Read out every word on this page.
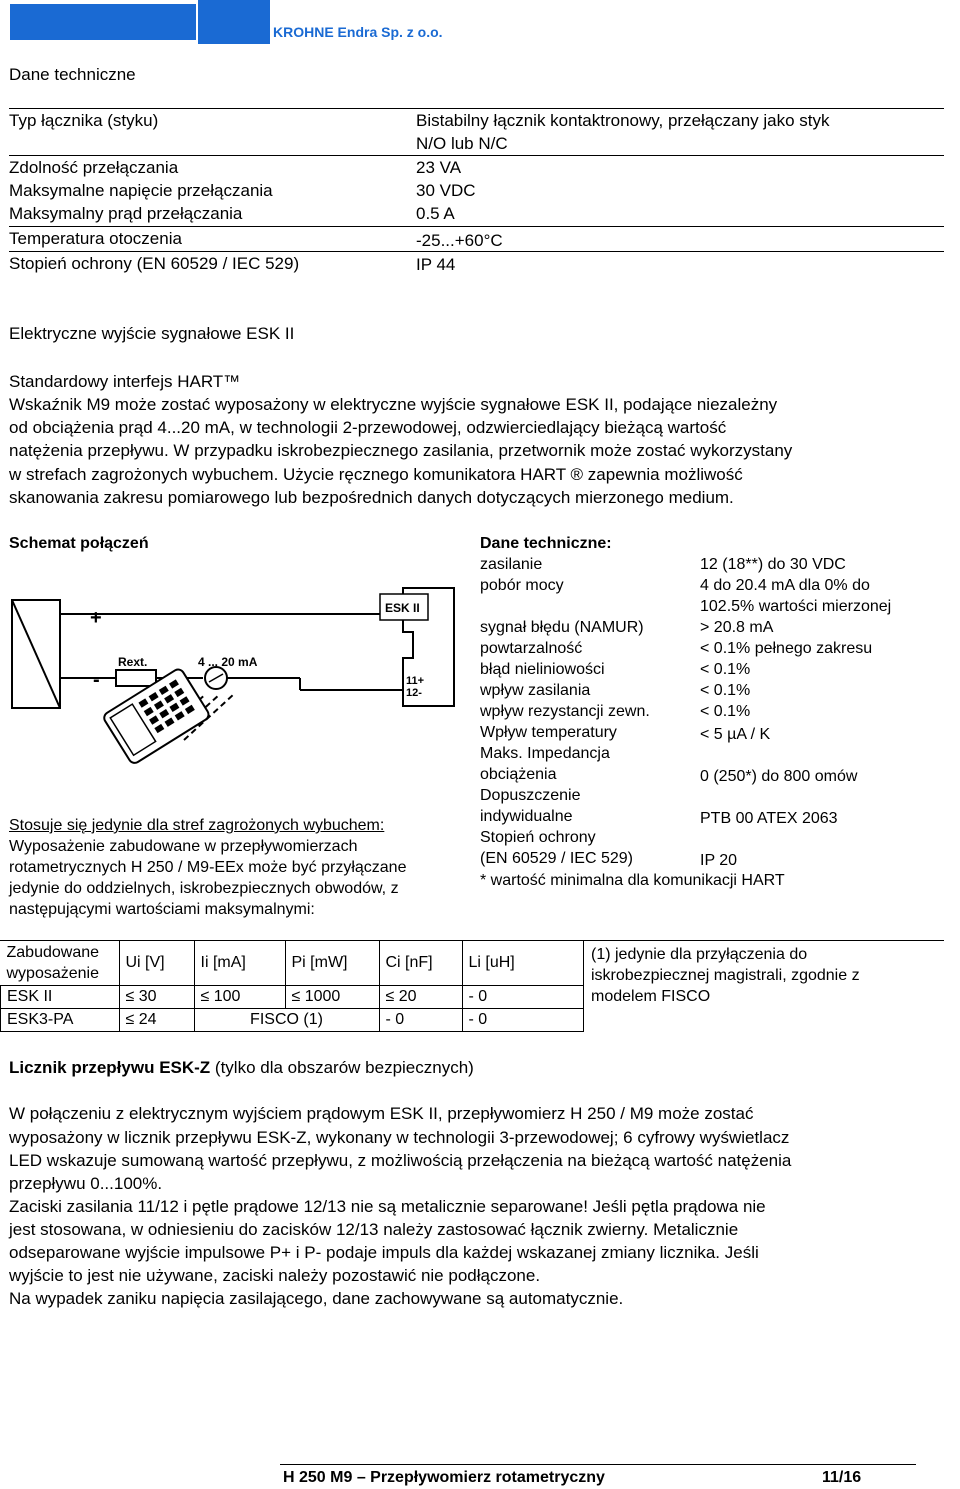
KROHNE Endra Sp. z o.o.
Dane techniczne
Typ łącznika (styku)	Bistabilny łącznik kontaktronowy, przełączany jako styk
N/O lub N/C
Zdolność przełączania	23 VA
Maksymalne napięcie przełączania	30 VDC
Maksymalny prąd przełączania	0.5 A
Temperatura otoczenia	-25...+60°C
Stopień ochrony (EN 60529 / IEC 529)	IP 44
Elektryczne wyjście sygnałowe ESK II
Standardowy interfejs HART™
Wskaźnik M9 może zostać wyposażony w elektryczne wyjście sygnałowe ESK II, podające niezależny
od obciążenia prąd 4...20 mA, w technologii 2-przewodowej, odzwierciedlający bieżącą wartość
natężenia przepływu. W przypadku iskrobezpiecznego zasilania, przetwornik może zostać wykorzystany
w strefach zagrożonych wybuchem. Użycie ręcznego komunikatora HART ® zapewnia możliwość
skanowania zakresu pomiarowego lub bezpośrednich danych dotyczących mierzonego medium.
Schemat połączeń
+
-
Rext.	4 ... 20 mA
ESK II
11+
12-
Stosuje się jedynie dla stref zagrożonych wybuchem:
Wyposażenie zabudowane w przepływomierzach
rotametrycznych H 250 / M9-EEx może być przyłączane
jedynie do oddzielnych, iskrobezpiecznych obwodów, z
następującymi wartościami maksymalnymi:
Dane techniczne:
zasilanie	12 (18**) do 30 VDC
pobór mocy	4 do 20.4 mA dla 0% do
102.5% wartości mierzonej
sygnał błędu (NAMUR)	> 20.8 mA
powtarzalność	< 0.1% pełnego zakresu
błąd nieliniowości	< 0.1%
wpływ zasilania	< 0.1%
wpływ rezystancji zewn.	< 0.1%
Wpływ temperatury	< 5 µA / K
Maks. Impedancja
obciążenia	0 (250*) do 800 omów
Dopuszczenie
indywidualne	PTB 00 ATEX 2063
Stopień ochrony
(EN 60529 / IEC 529)	IP 20
* wartość minimalna dla komunikacji HART
Zabudowane
wyposażenie	Ui [V]	Ii [mA]	Pi [mW]	Ci [nF]	Li [uH]
ESK II	≤ 30	≤ 100	≤ 1000	≤ 20	- 0
ESK3-PA	≤ 24	FISCO (1)		- 0	- 0
(1) jedynie dla przyłączenia do
iskrobezpiecznej magistrali, zgodnie z
modelem FISCO
Licznik przepływu ESK-Z (tylko dla obszarów bezpiecznych)
W połączeniu z elektrycznym wyjściem prądowym ESK II, przepływomierz H 250 / M9 może zostać
wyposażony w licznik przepływu ESK-Z, wykonany w technologii 3-przewodowej; 6 cyfrowy wyświetlacz
LED wskazuje sumowaną wartość przepływu, z możliwością przełączenia na bieżącą wartość natężenia
przepływu 0...100%.
Zaciski zasilania 11/12 i pętle prądowe 12/13 nie są metalicznie separowane! Jeśli pętla prądowa nie
jest stosowana, w odniesieniu do zacisków 12/13 należy zastosować łącznik zwierny. Metalicznie
odseparowane wyjście impulsowe P+ i P- podaje impuls dla każdej wskazanej zmiany licznika. Jeśli
wyjście to jest nie używane, zaciski należy pozostawić nie podłączone.
Na wypadek zaniku napięcia zasilającego, dane zachowywane są automatycznie.
H 250 M9 – Przepływomierz rotametryczny	11/16
